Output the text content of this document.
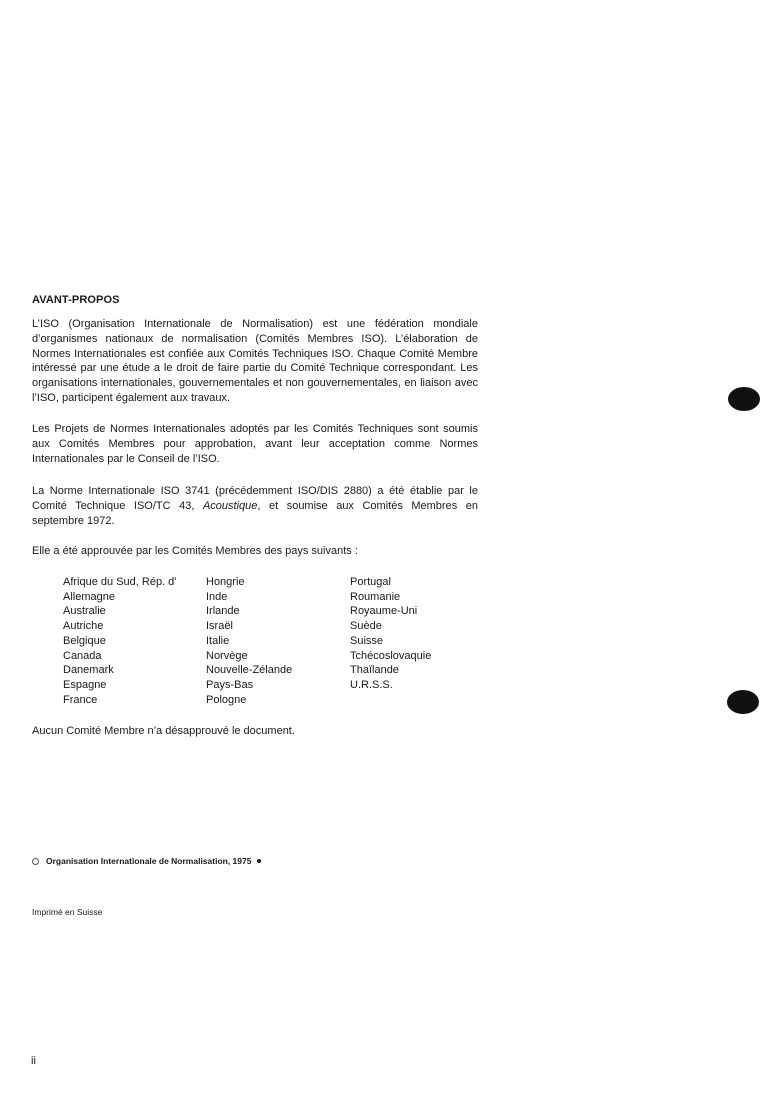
AVANT-PROPOS

L’ISO (Organisation Internationale de Normalisation) est une fédération mondiale d’organismes nationaux de normalisation (Comités Membres ISO). L’élaboration de Normes Internationales est confiée aux Comités Techniques ISO. Chaque Comité Membre intéressé par une étude a le droit de faire partie du Comité Technique correspondant. Les organisations internationales, gouvernementales et non gouvernementales, en liaison avec l’ISO, participent également aux travaux.

Les Projets de Normes Internationales adoptés par les Comités Techniques sont soumis aux Comités Membres pour approbation, avant leur acceptation comme Normes Internationales par le Conseil de l’ISO.

La Norme Internationale ISO 3741 (précédemment ISO/DIS 2880) a été établie par le Comité Technique ISO/TC 43, Acoustique, et soumise aux Comités Membres en septembre 1972.

Elle a été approuvée par les Comités Membres des pays suivants :

Afrique du Sud, Rép. d'
Allemagne
Australie
Autriche
Belgique
Canada
Danemark
Espagne
France
Hongrie
Inde
Irlande
Israël
Italie
Norvège
Nouvelle-Zélande
Pays-Bas
Pologne
Portugal
Roumanie
Royaume-Uni
Suède
Suisse
Tchécoslovaquie
Thaïlande
U.R.S.S.

Aucun Comité Membre n’a désapprouvé le document.

Organisation Internationale de Normalisation, 1975
Imprimé en Suisse
ii
